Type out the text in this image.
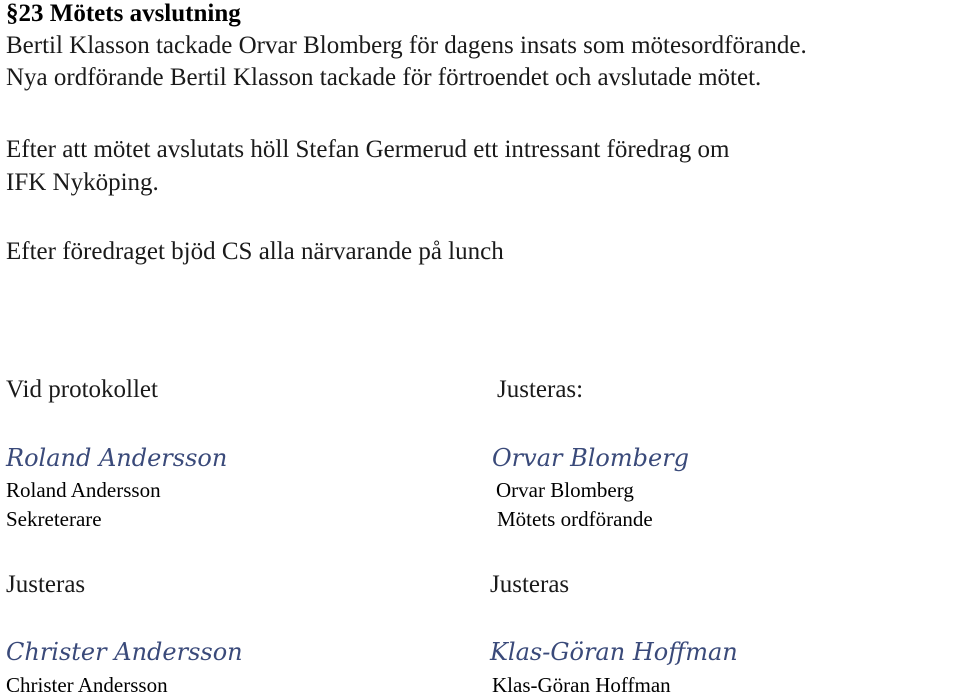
§23 Mötets avslutning
Bertil Klasson tackade Orvar Blomberg för dagens insats som mötesordförande.
Nya ordförande Bertil Klasson tackade för förtroendet och avslutade mötet.
Efter att mötet avslutats höll Stefan Germerud ett intressant föredrag om
IFK Nyköping.
Efter föredraget bjöd CS alla närvarande på lunch
Vid protokollet
Roland Andersson
Roland Andersson
Sekreterare
Justeras
Christer Andersson
Christer Andersson
Justeras:
Orvar Blomberg
Orvar Blomberg
Mötets ordförande
Justeras
Klas-Göran Hoffman
Klas-Göran Hoffman
